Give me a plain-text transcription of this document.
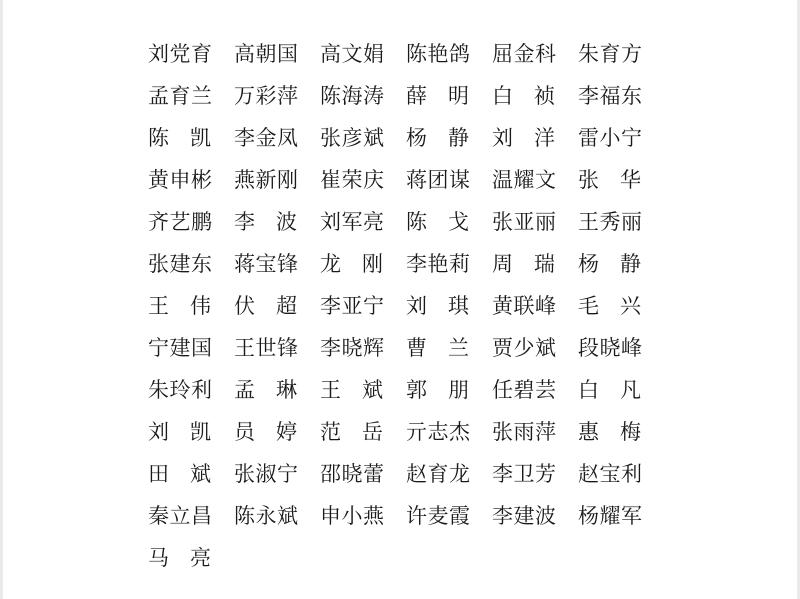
刘党育 高朝国 高文娟 陈艳鸽 屈金科 朱育方
孟育兰 万彩萍 陈海涛 薛 明 白 祯 李福东
陈 凯 李金凤 张彦斌 杨 静 刘 洋 雷小宁
黄申彬 燕新刚 崔荣庆 蒋团谋 温耀文 张 华
齐艺鹏 李 波 刘军亮 陈 戈 张亚丽 王秀丽
张建东 蒋宝锋 龙 刚 李艳莉 周 瑞 杨 静
王 伟 伏 超 李亚宁 刘 琪 黄联峰 毛 兴
宁建国 王世锋 李晓辉 曹 兰 贾少斌 段晓峰
朱玲利 孟 琳 王 斌 郭 朋 任碧芸 白 凡
刘 凯 员 婷 范 岳 亓志杰 张雨萍 惠 梅
田 斌 张淑宁 邵晓蕾 赵育龙 李卫芳 赵宝利
秦立昌 陈永斌 申小燕 许麦霞 李建波 杨耀军
马 亮
